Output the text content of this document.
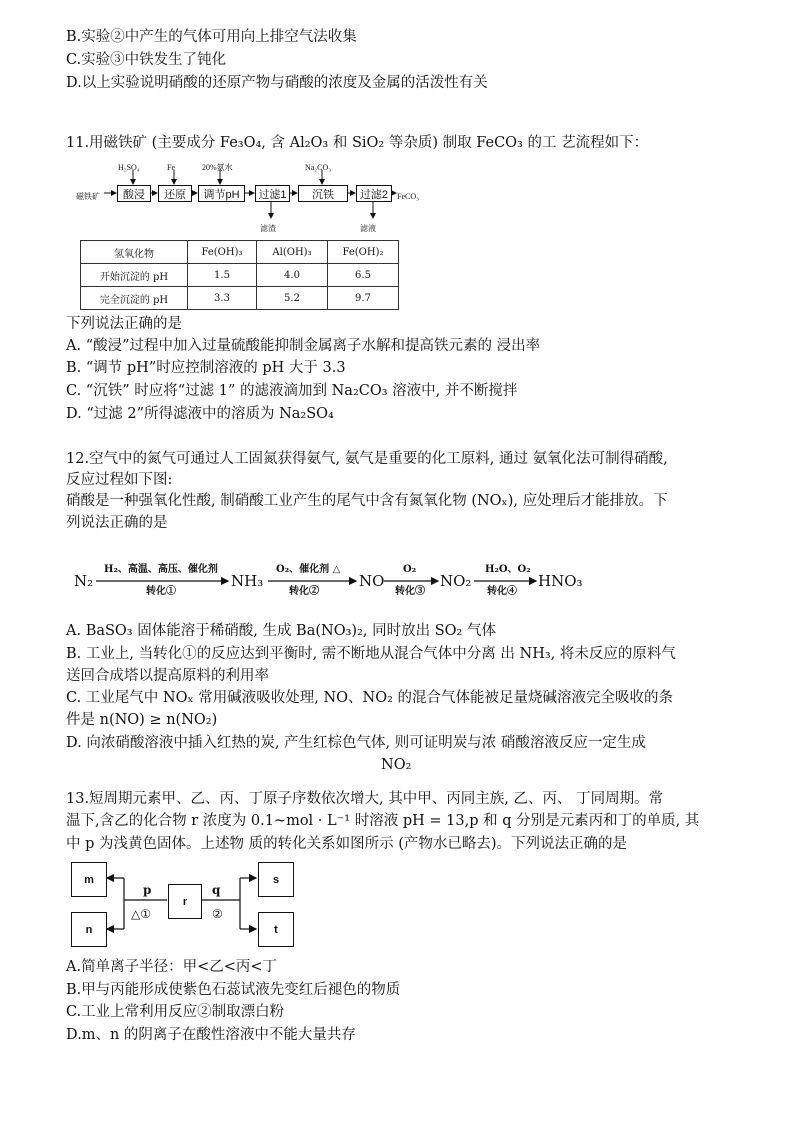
B.实验②中产生的气体可用向上排空气法收集
C.实验③中铁发生了钝化
D.以上实验说明硝酸的还原产物与硝酸的浓度及金属的活泼性有关
11.用磁铁矿 (主要成分 Fe₃O₄, 含 Al₂O₃ 和 SiO₂ 等杂质) 制取 FeCO₃ 的工 艺流程如下：
H₂SO₄	Fe	20%氨水	Na₂CO₃
磁铁矿	酸浸	还原	调节pH	过滤1	沉铁	过滤2	FeCO₃
滤渣	滤液
氢氧化物	Fe(OH)₃	Al(OH)₃	Fe(OH)₂
开始沉淀的 pH	1.5	4.0	6.5
完全沉淀的 pH	3.3	5.2	9.7
下列说法正确的是
A. “酸浸”过程中加入过量硫酸能抑制金属离子水解和提高铁元素的 浸出率
B. “调节 pH”时应控制溶液的 pH 大于 3.3
C. “沉铁” 时应将“过滤 1” 的滤液滴加到 Na₂CO₃ 溶液中, 并不断搅拌
D. “过滤 2”所得滤液中的溶质为 Na₂SO₄
12.空气中的氮气可通过人工固氮获得氨气, 氨气是重要的化工原料, 通过 氨氧化法可制得硝酸,
反应过程如下图:
硝酸是一种强氧化性酸, 制硝酸工业产生的尾气中含有氮氧化物 (NOₓ), 应处理后才能排放。下
列说法正确的是
N₂	NH₃	NO	NO₂	HNO₃
H₂、高温、高压、催化剂	O₂、催化剂 △	O₂	H₂O、O₂
转化①	转化②	转化③	转化④
A. BaSO₃ 固体能溶于稀硝酸, 生成 Ba(NO₃)₂, 同时放出 SO₂ 气体
B. 工业上, 当转化①的反应达到平衡时, 需不断地从混合气体中分离 出 NH₃, 将未反应的原料气
送回合成塔以提高原料的利用率
C. 工业尾气中 NOₓ 常用碱液吸收处理, NO、NO₂ 的混合气体能被足量烧碱溶液完全吸收的条
件是 n(NO) ≥ n(NO₂)
D. 向浓硝酸溶液中插入红热的炭, 产生红棕色气体, 则可证明炭与浓 硝酸溶液反应一定生成
NO₂
13.短周期元素甲、乙、丙、丁原子序数依次增大, 其中甲、丙同主族, 乙、丙、 丁同周期。常
温下,含乙的化合物 r 浓度为 0.1~mol · L⁻¹ 时溶液 pH = 13,p 和 q 分别是元素丙和丁的单质, 其
中 p 为浅黄色固体。上述物 质的转化关系如图所示 (产物水已略去)。下列说法正确的是
m
n
r
s
t
p	q
△①	②
A.简单离子半径：甲<乙<丙<丁
B.甲与丙能形成使紫色石蕊试液先变红后褪色的物质
C.工业上常利用反应②制取漂白粉
D.m、n 的阴离子在酸性溶液中不能大量共存
